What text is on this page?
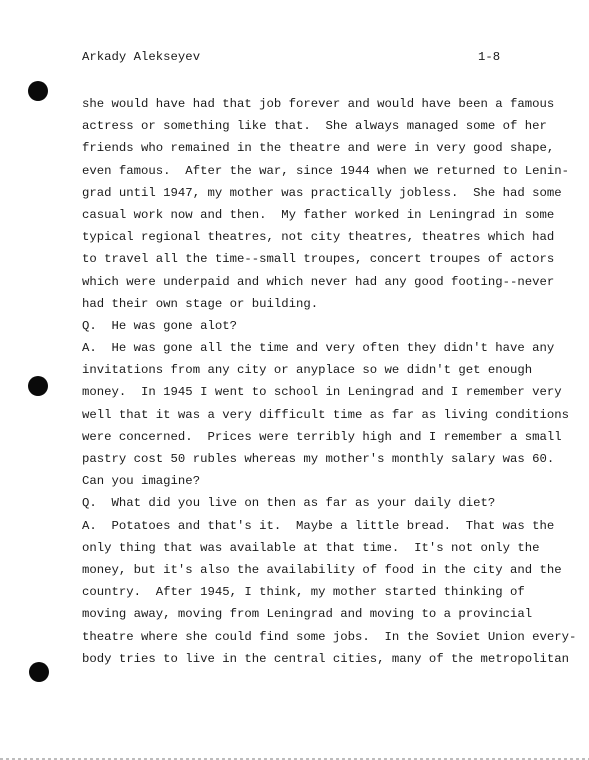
Arkady Alekseyev	1-8
she would have had that job forever and would have been a famous
actress or something like that.  She always managed some of her
friends who remained in the theatre and were in very good shape,
even famous.  After the war, since 1944 when we returned to Lenin-
grad until 1947, my mother was practically jobless.  She had some
casual work now and then.  My father worked in Leningrad in some
typical regional theatres, not city theatres, theatres which had
to travel all the time--small troupes, concert troupes of actors
which were underpaid and which never had any good footing--never
had their own stage or building.
Q.  He was gone alot?
A.  He was gone all the time and very often they didn't have any
invitations from any city or anyplace so we didn't get enough
money.  In 1945 I went to school in Leningrad and I remember very
well that it was a very difficult time as far as living conditions
were concerned.  Prices were terribly high and I remember a small
pastry cost 50 rubles whereas my mother's monthly salary was 60.
Can you imagine?
Q.  What did you live on then as far as your daily diet?
A.  Potatoes and that's it.  Maybe a little bread.  That was the
only thing that was available at that time.  It's not only the
money, but it's also the availability of food in the city and the
country.  After 1945, I think, my mother started thinking of
moving away, moving from Leningrad and moving to a provincial
theatre where she could find some jobs.  In the Soviet Union every-
body tries to live in the central cities, many of the metropolitan
